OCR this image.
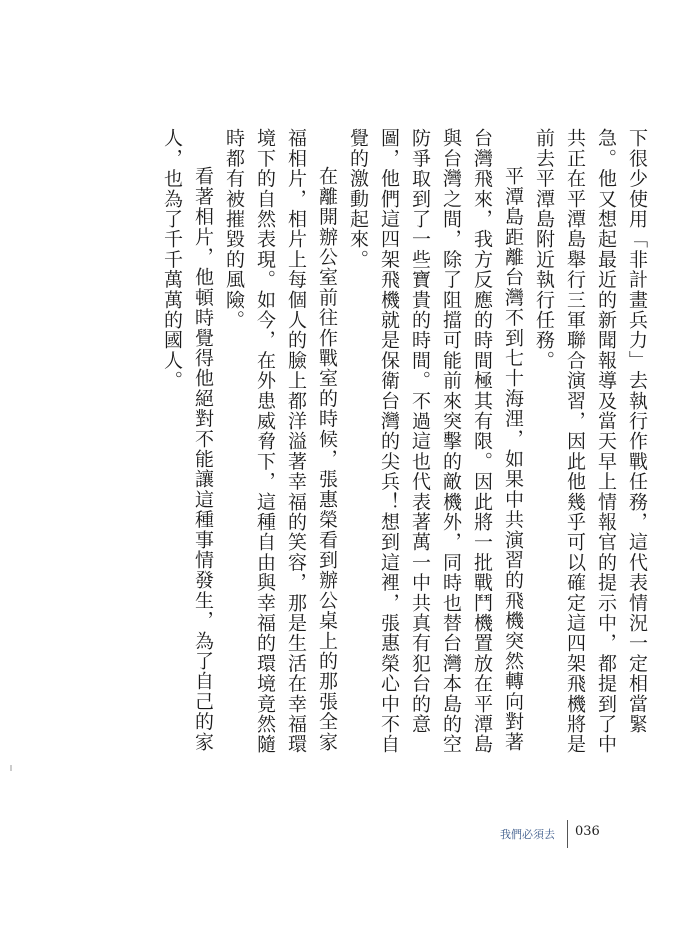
下很少使用「非計畫兵力」去執行作戰任務，這代表情況一定相當緊急。他又想起最近的新聞報導及當天早上情報官的提示中，都提到了中共正在平潭島舉行三軍聯合演習，因此他幾乎可以確定這四架飛機將是前去平潭島附近執行任務。

平潭島距離台灣不到七十海浬，如果中共演習的飛機突然轉向對著台灣飛來，我方反應的時間極其有限。因此將一批戰鬥機置放在平潭島與台灣之間，除了阻擋可能前來突擊的敵機外，同時也替台灣本島的空防爭取到了一些寶貴的時間。不過這也代表著萬一中共真有犯台的意圖，他們這四架飛機就是保衛台灣的尖兵！想到這裡，張惠榮心中不自覺的激動起來。

在離開辦公室前往作戰室的時候，張惠榮看到辦公桌上的那張全家福相片，相片上每個人的臉上都洋溢著幸福的笑容，那是生活在幸福環境下的自然表現。如今，在外患威脅下，這種自由與幸福的環境竟然隨時都有被摧毀的風險。

看著相片，他頓時覺得他絕對不能讓這種事情發生，為了自己的家人，也為了千千萬萬的國人。

我們必須去	036
